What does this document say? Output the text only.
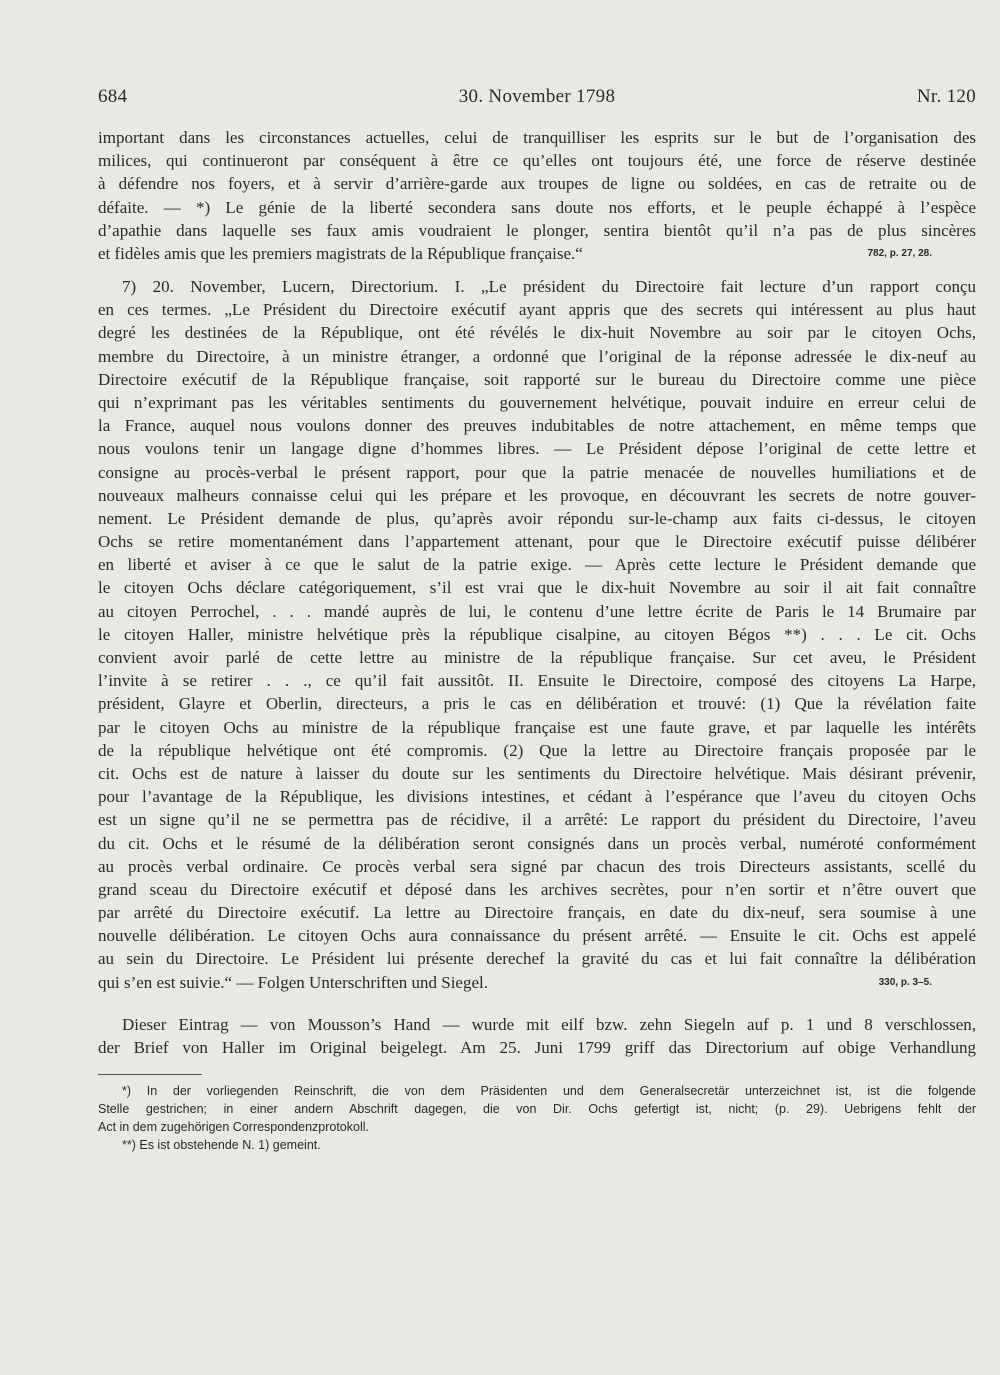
684	30. November 1798	Nr. 120
important dans les circonstances actuelles, celui de tranquilliser les esprits sur le but de l’organisation des
milices, qui continueront par conséquent à être ce qu’elles ont toujours été, une force de réserve destinée
à défendre nos foyers, et à servir d’arrière-garde aux troupes de ligne ou soldées, en cas de retraite ou de
défaite. — *) Le génie de la liberté secondera sans doute nos efforts, et le peuple échappé à l’espèce
d’apathie dans laquelle ses faux amis voudraient le plonger, sentira bientôt qu’il n’a pas de plus sincères
et fidèles amis que les premiers magistrats de la République française.“	782, p. 27, 28.
7) 20. November, Lucern, Directorium. I. „Le président du Directoire fait lecture d’un rapport conçu
en ces termes. „Le Président du Directoire exécutif ayant appris que des secrets qui intéressent au plus haut
degré les destinées de la République, ont été révélés le dix-huit Novembre au soir par le citoyen Ochs,
membre du Directoire, à un ministre étranger, a ordonné que l’original de la réponse adressée le dix-neuf au
Directoire exécutif de la République française, soit rapporté sur le bureau du Directoire comme une pièce
qui n’exprimant pas les véritables sentiments du gouvernement helvétique, pouvait induire en erreur celui de
la France, auquel nous voulons donner des preuves indubitables de notre attachement, en même temps que
nous voulons tenir un langage digne d’hommes libres. — Le Président dépose l’original de cette lettre et
consigne au procès-verbal le présent rapport, pour que la patrie menacée de nouvelles humiliations et de
nouveaux malheurs connaisse celui qui les prépare et les provoque, en découvrant les secrets de notre gouver-
nement. Le Président demande de plus, qu’après avoir répondu sur-le-champ aux faits ci-dessus, le citoyen
Ochs se retire momentanément dans l’appartement attenant, pour que le Directoire exécutif puisse délibérer
en liberté et aviser à ce que le salut de la patrie exige. — Après cette lecture le Président demande que
le citoyen Ochs déclare catégoriquement, s’il est vrai que le dix-huit Novembre au soir il ait fait connaître
au citoyen Perrochel, . . . mandé auprès de lui, le contenu d’une lettre écrite de Paris le 14 Brumaire par
le citoyen Haller, ministre helvétique près la république cisalpine, au citoyen Bégos **) . . . Le cit. Ochs
convient avoir parlé de cette lettre au ministre de la république française. Sur cet aveu, le Président
l’invite à se retirer . . ., ce qu’il fait aussitôt. II. Ensuite le Directoire, composé des citoyens La Harpe,
président, Glayre et Oberlin, directeurs, a pris le cas en délibération et trouvé: (1) Que la révélation faite
par le citoyen Ochs au ministre de la république française est une faute grave, et par laquelle les intérêts
de la république helvétique ont été compromis. (2) Que la lettre au Directoire français proposée par le
cit. Ochs est de nature à laisser du doute sur les sentiments du Directoire helvétique. Mais désirant prévenir,
pour l’avantage de la République, les divisions intestines, et cédant à l’espérance que l’aveu du citoyen Ochs
est un signe qu’il ne se permettra pas de récidive, il a arrêté: Le rapport du président du Directoire, l’aveu
du cit. Ochs et le résumé de la délibération seront consignés dans un procès verbal, numéroté conformément
au procès verbal ordinaire. Ce procès verbal sera signé par chacun des trois Directeurs assistants, scellé du
grand sceau du Directoire exécutif et déposé dans les archives secrètes, pour n’en sortir et n’être ouvert que
par arrêté du Directoire exécutif. La lettre au Directoire français, en date du dix-neuf, sera soumise à une
nouvelle délibération. Le citoyen Ochs aura connaissance du présent arrêté. — Ensuite le cit. Ochs est appelé
au sein du Directoire. Le Président lui présente derechef la gravité du cas et lui fait connaître la délibération
qui s’en est suivie.“ — Folgen Unterschriften und Siegel.	330, p. 3–5.
Dieser Eintrag — von Mousson’s Hand — wurde mit eilf bzw. zehn Siegeln auf p. 1 und 8 verschlossen,
der Brief von Haller im Original beigelegt. Am 25. Juni 1799 griff das Directorium auf obige Verhandlung
*) In der vorliegenden Reinschrift, die von dem Präsidenten und dem Generalsecretär unterzeichnet ist, ist die folgende
Stelle gestrichen; in einer andern Abschrift dagegen, die von Dir. Ochs gefertigt ist, nicht; (p. 29). Uebrigens fehlt der
Act in dem zugehörigen Correspondenzprotokoll.
**) Es ist obstehende N. 1) gemeint.
